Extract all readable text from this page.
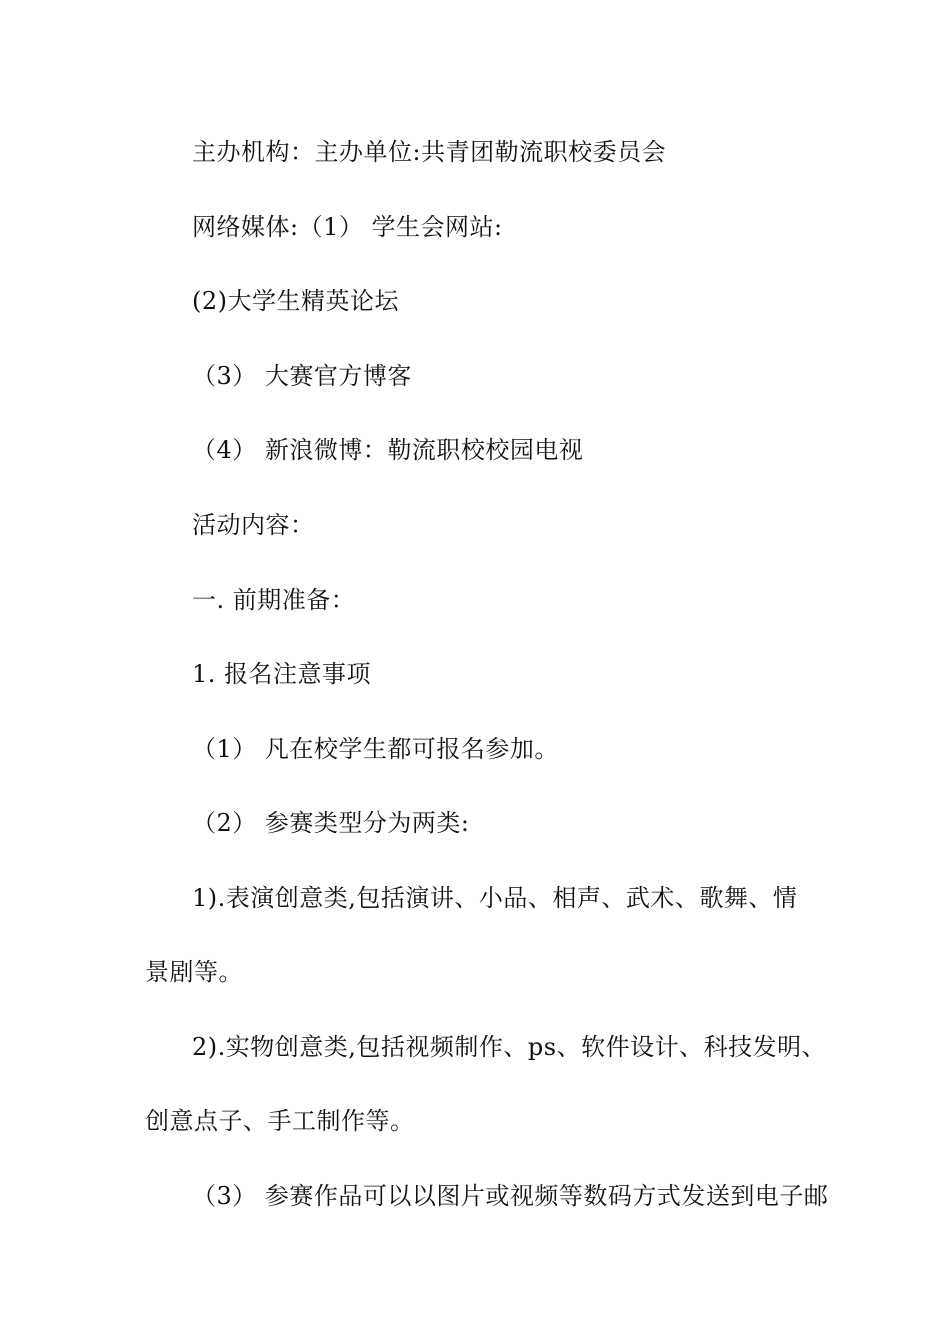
主办机构：主办单位:共青团勒流职校委员会
网络媒体:（1） 学生会网站:
(2)大学生精英论坛
（3） 大赛官方博客
（4） 新浪微博：勒流职校校园电视
活动内容：
一. 前期准备：
1. 报名注意事项
（1） 凡在校学生都可报名参加。
（2） 参赛类型分为两类:
1).表演创意类,包括演讲、小品、相声、武术、歌舞、情
景剧等。
2).实物创意类,包括视频制作、ps、软件设计、科技发明、
创意点子、手工制作等。
（3） 参赛作品可以以图片或视频等数码方式发送到电子邮
